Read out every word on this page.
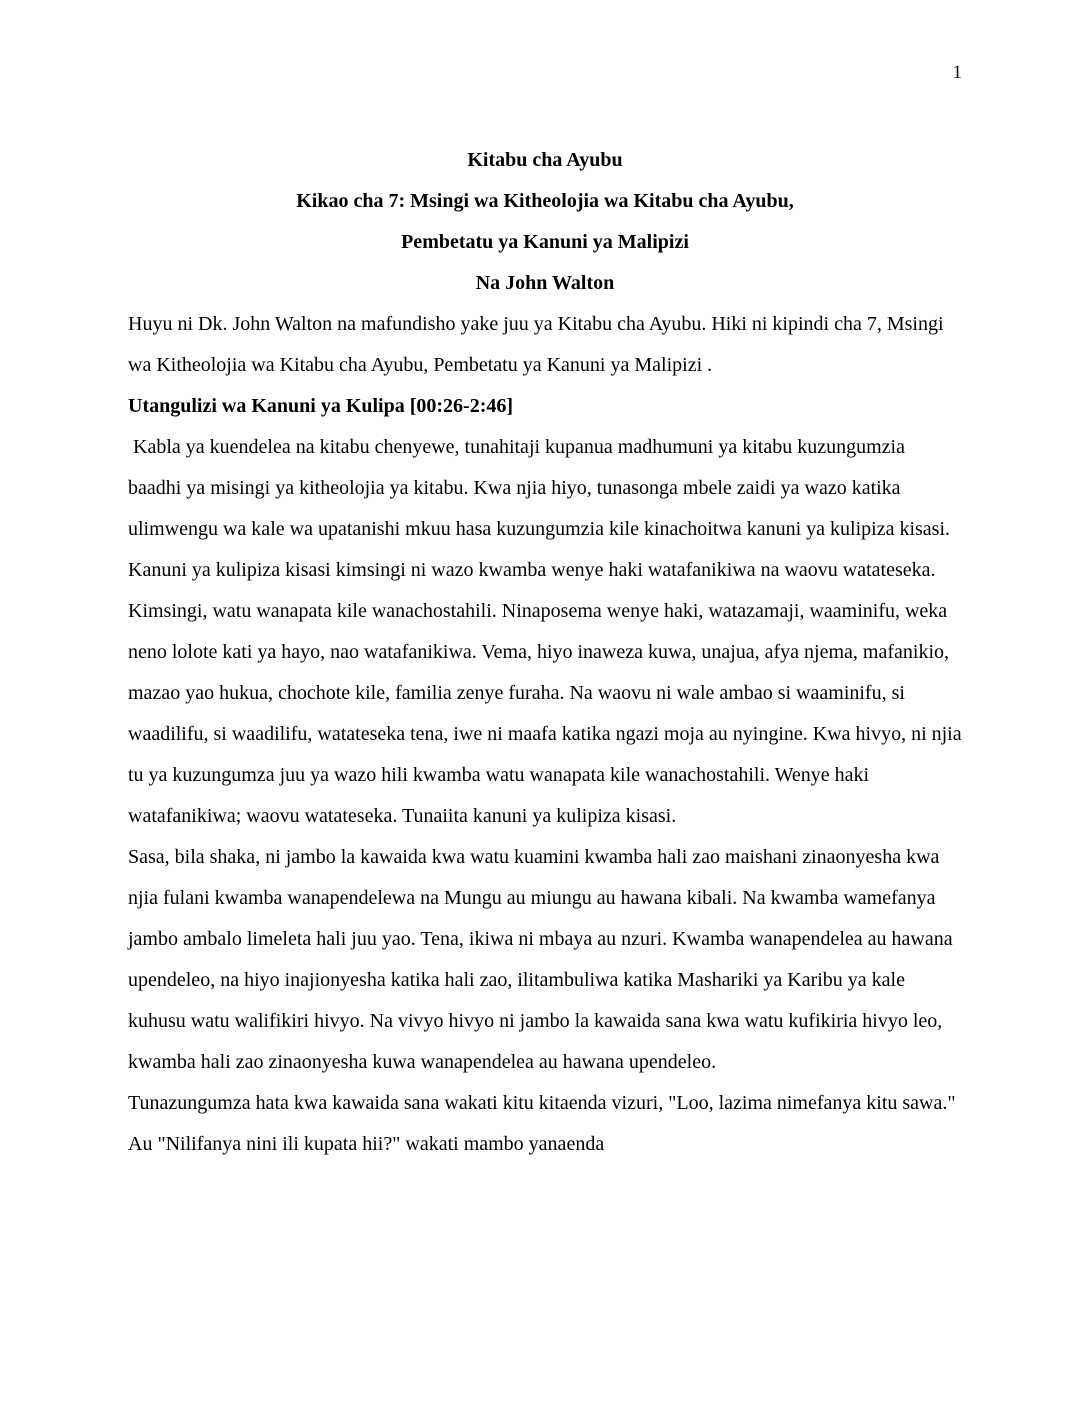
1

Kitabu cha Ayubu

Kikao cha 7: Msingi wa Kitheolojia wa Kitabu cha Ayubu,

Pembetatu ya Kanuni ya Malipizi

Na John Walton

Huyu ni Dk. John Walton na mafundisho yake juu ya Kitabu cha Ayubu. Hiki ni kipindi cha 7, Msingi wa Kitheolojia wa Kitabu cha Ayubu, Pembetatu ya Kanuni ya Malipizi .

Utangulizi wa Kanuni ya Kulipa [00:26-2:46]

Kabla ya kuendelea na kitabu chenyewe, tunahitaji kupanua madhumuni ya kitabu kuzungumzia baadhi ya misingi ya kitheolojia ya kitabu. Kwa njia hiyo, tunasonga mbele zaidi ya wazo katika ulimwengu wa kale wa upatanishi mkuu hasa kuzungumzia kile kinachoitwa kanuni ya kulipiza kisasi. Kanuni ya kulipiza kisasi kimsingi ni wazo kwamba wenye haki watafanikiwa na waovu watateseka. Kimsingi, watu wanapata kile wanachostahili. Ninaposema wenye haki, watazamaji, waaminifu, weka neno lolote kati ya hayo, nao watafanikiwa. Vema, hiyo inaweza kuwa, unajua, afya njema, mafanikio, mazao yao hukua, chochote kile, familia zenye furaha. Na waovu ni wale ambao si waaminifu, si waadilifu, si waadilifu, watateseka tena, iwe ni maafa katika ngazi moja au nyingine. Kwa hivyo, ni njia tu ya kuzungumza juu ya wazo hili kwamba watu wanapata kile wanachostahili. Wenye haki watafanikiwa; waovu watateseka. Tunaiita kanuni ya kulipiza kisasi.

Sasa, bila shaka, ni jambo la kawaida kwa watu kuamini kwamba hali zao maishani zinaonyesha kwa njia fulani kwamba wanapendelewa na Mungu au miungu au hawana kibali. Na kwamba wamefanya jambo ambalo limeleta hali juu yao. Tena, ikiwa ni mbaya au nzuri. Kwamba wanapendelea au hawana upendeleo, na hiyo inajionyesha katika hali zao, ilitambuliwa katika Mashariki ya Karibu ya kale kuhusu watu walifikiri hivyo. Na vivyo hivyo ni jambo la kawaida sana kwa watu kufikiria hivyo leo, kwamba hali zao zinaonyesha kuwa wanapendelea au hawana upendeleo.

Tunazungumza hata kwa kawaida sana wakati kitu kitaenda vizuri, "Loo, lazima nimefanya kitu sawa." Au "Nilifanya nini ili kupata hii?" wakati mambo yanaenda
